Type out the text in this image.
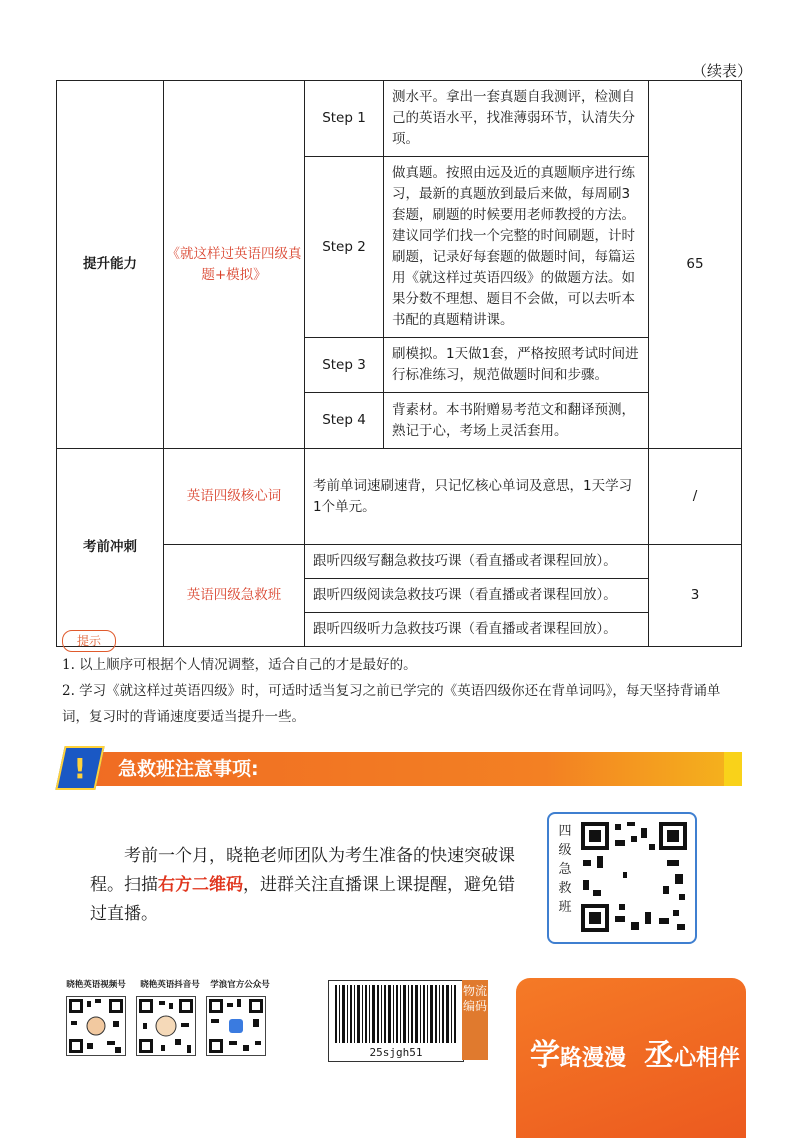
（续表）
提升能力	《就这样过英语四级真题+模拟》	Step 1	测水平。拿出一套真题自我测评，检测自己的英语水平，找准薄弱环节，认清失分项。	65
		Step 2	做真题。按照由远及近的真题顺序进行练习，最新的真题放到最后来做，每周刷3套题，刷题的时候要用老师教授的方法。建议同学们找一个完整的时间刷题，计时刷题，记录好每套题的做题时间，每篇运用《就这样过英语四级》的做题方法。如果分数不理想、题目不会做，可以去听本书配的真题精讲课。	
		Step 3	刷模拟。1天做1套，严格按照考试时间进行标准练习，规范做题时间和步骤。	
		Step 4	背素材。本书附赠易考范文和翻译预测，熟记于心，考场上灵活套用。	
考前冲刺	英语四级核心词	考前单词速刷速背，只记忆核心单词及意思，1天学习1个单元。		/
	英语四级急救班	跟听四级写翻急救技巧课（看直播或者课程回放）。		3
		跟听四级阅读急救技巧课（看直播或者课程回放）。		
		跟听四级听力急救技巧课（看直播或者课程回放）。		
提示
1. 以上顺序可根据个人情况调整，适合自己的才是最好的。
2. 学习《就这样过英语四级》时，可适时适当复习之前已学完的《英语四级你还在背单词吗》，每天坚持背诵单词，复习时的背诵速度要适当提升一些。
!	急救班注意事项:
考前一个月，晓艳老师团队为考生准备的快速突破课程。扫描右方二维码，进群关注直播课上课提醒，避免错过直播。
四级急救班
晓艳英语视频号	晓艳英语抖音号	学浪官方公众号
25sjgh51
物流编码
学路漫漫 丞心相伴
